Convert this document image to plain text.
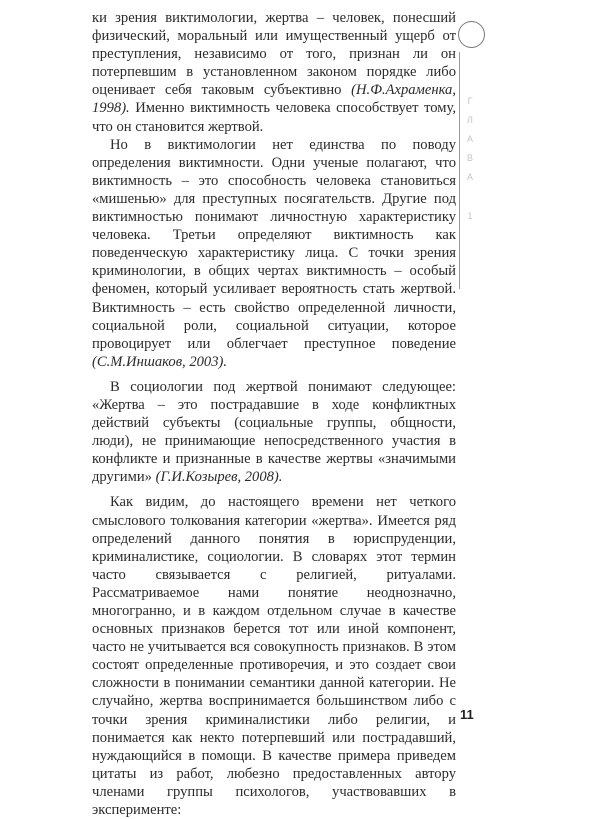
ки зрения виктимологии, жертва – человек, понесший физический, моральный или имущественный ущерб от преступления, независимо от того, признан ли он потерпевшим в установленном законом порядке либо оценивает себя таковым субъективно (Н.Ф.Ахраменка, 1998). Именно виктимность человека способствует тому, что он становится жертвой.

Но в виктимологии нет единства по поводу определения виктимности. Одни ученые полагают, что виктимность – это способность человека становиться «мишенью» для преступных посягательств. Другие под виктимностью понимают личностную характеристику человека. Третьи определяют виктимность как поведенческую характеристику лица. С точки зрения криминологии, в общих чертах виктимность – особый феномен, который усиливает вероятность стать жертвой. Виктимность – есть свойство определенной личности, социальной роли, социальной ситуации, которое провоцирует или облегчает преступное поведение (С.М.Иншаков, 2003).

В социологии под жертвой понимают следующее: «Жертва – это пострадавшие в ходе конфликтных действий субъекты (социальные группы, общности, люди), не принимающие непосредственного участия в конфликте и признанные в качестве жертвы «значимыми другими» (Г.И.Козырев, 2008).

Как видим, до настоящего времени нет четкого смыслового толкования категории «жертва». Имеется ряд определений данного понятия в юриспруденции, криминалистике, социологии. В словарях этот термин часто связывается с религией, ритуалами. Рассматриваемое нами понятие неоднозначно, многогранно, и в каждом отдельном случае в качестве основных признаков берется тот или иной компонент, часто не учитывается вся совокупность признаков. В этом состоят определенные противоречия, и это создает свои сложности в понимании семантики данной категории. Не случайно, жертва воспринимается большинством либо с точки зрения криминалистики либо религии, и понимается как некто потерпевший или пострадавший, нуждающийся в помощи. В качестве примера приведем цитаты из работ, любезно предоставленных автору членами группы психологов, участвовавших в эксперименте:

Г
Л
А
В
А
1
11
